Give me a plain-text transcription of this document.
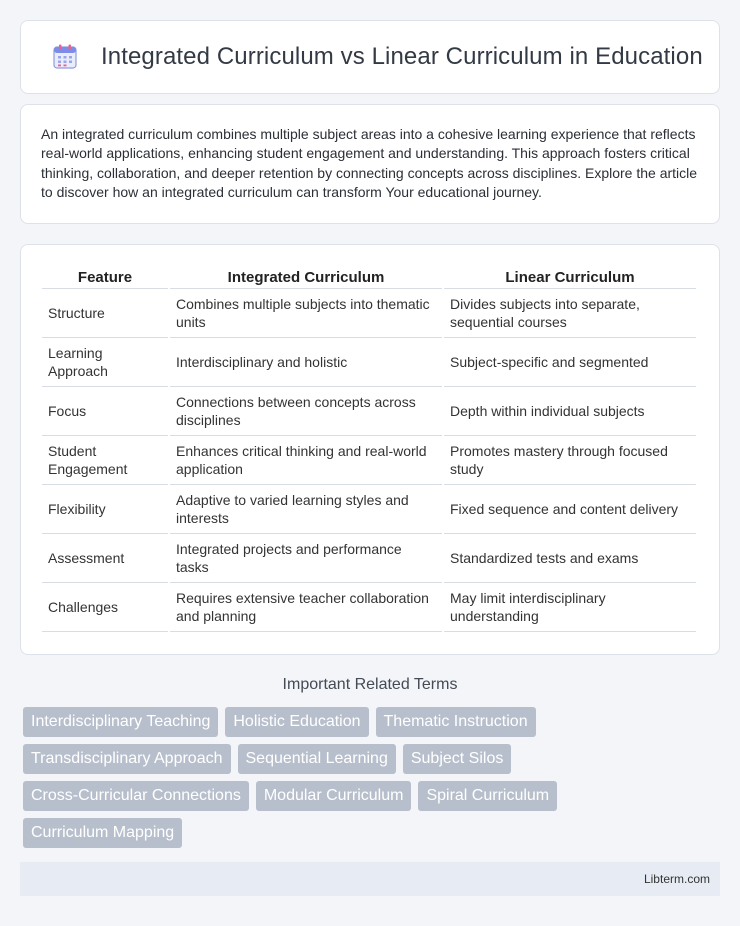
Integrated Curriculum vs Linear Curriculum in Education

An integrated curriculum combines multiple subject areas into a cohesive learning experience that reflects real-world applications, enhancing student engagement and understanding. This approach fosters critical thinking, collaboration, and deeper retention by connecting concepts across disciplines. Explore the article to discover how an integrated curriculum can transform Your educational journey.

Feature	Integrated Curriculum	Linear Curriculum
Structure	Combines multiple subjects into thematic units	Divides subjects into separate, sequential courses
Learning Approach	Interdisciplinary and holistic	Subject-specific and segmented
Focus	Connections between concepts across disciplines	Depth within individual subjects
Student Engagement	Enhances critical thinking and real-world application	Promotes mastery through focused study
Flexibility	Adaptive to varied learning styles and interests	Fixed sequence and content delivery
Assessment	Integrated projects and performance tasks	Standardized tests and exams
Challenges	Requires extensive teacher collaboration and planning	May limit interdisciplinary understanding
Important Related Terms
Interdisciplinary Teaching	Holistic Education	Thematic Instruction
Transdisciplinary Approach	Sequential Learning	Subject Silos
Cross-Curricular Connections	Modular Curriculum	Spiral Curriculum
Curriculum Mapping
Libterm.com
